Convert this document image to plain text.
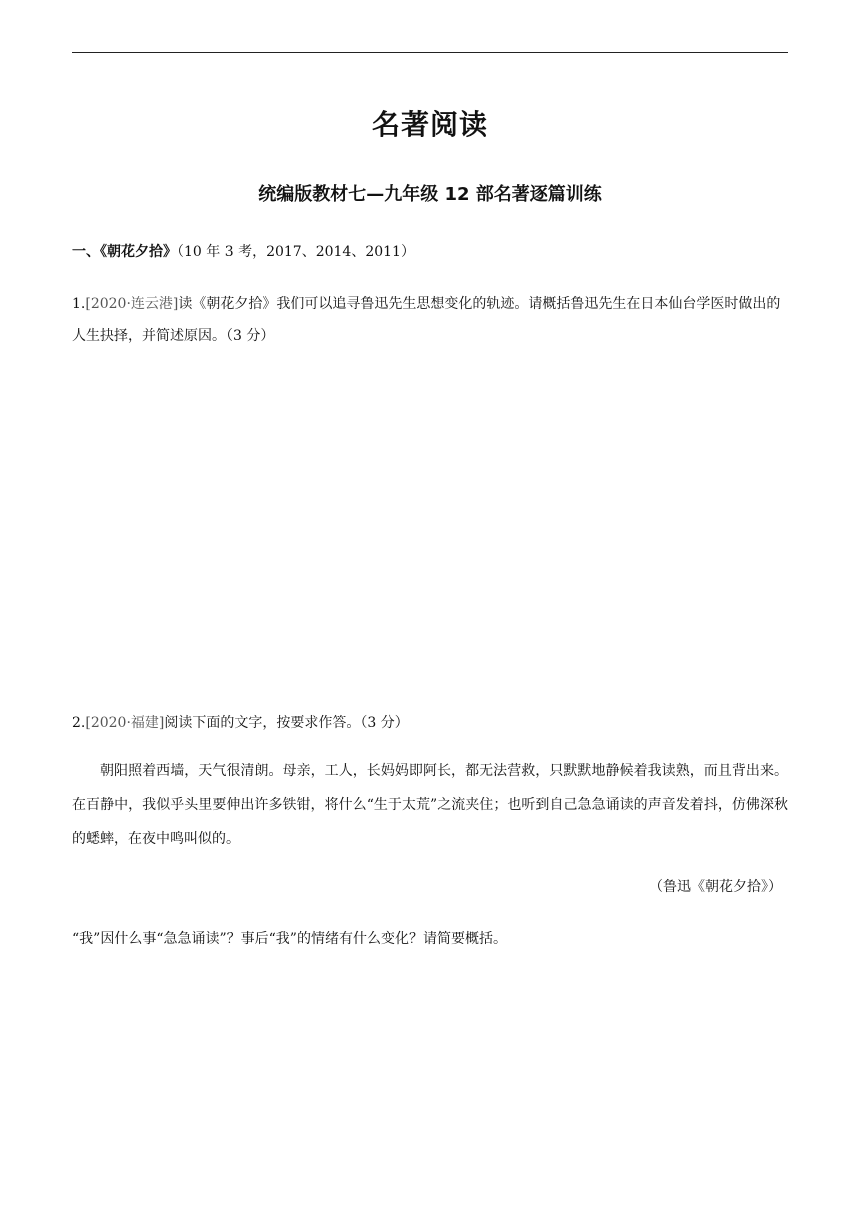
名著阅读
统编版教材七—九年级 12 部名著逐篇训练
一、《朝花夕拾》（10 年 3 考，2017、2014、2011）
1.[2020·连云港]读《朝花夕拾》我们可以追寻鲁迅先生思想变化的轨迹。请概括鲁迅先生在日本仙台学医时做出的人生抉择，并简述原因。（3 分）
2.[2020·福建]阅读下面的文字，按要求作答。（3 分）
朝阳照着西墙，天气很清朗。母亲，工人，长妈妈即阿长，都无法营救，只默默地静候着我读熟，而且背出来。在百静中，我似乎头里要伸出许多铁钳，将什么“生于太荒”之流夹住；也听到自己急急诵读的声音发着抖，仿佛深秋的蟋蟀，在夜中鸣叫似的。
（鲁迅《朝花夕拾》）
“我”因什么事“急急诵读”？事后“我”的情绪有什么变化？请简要概括。
